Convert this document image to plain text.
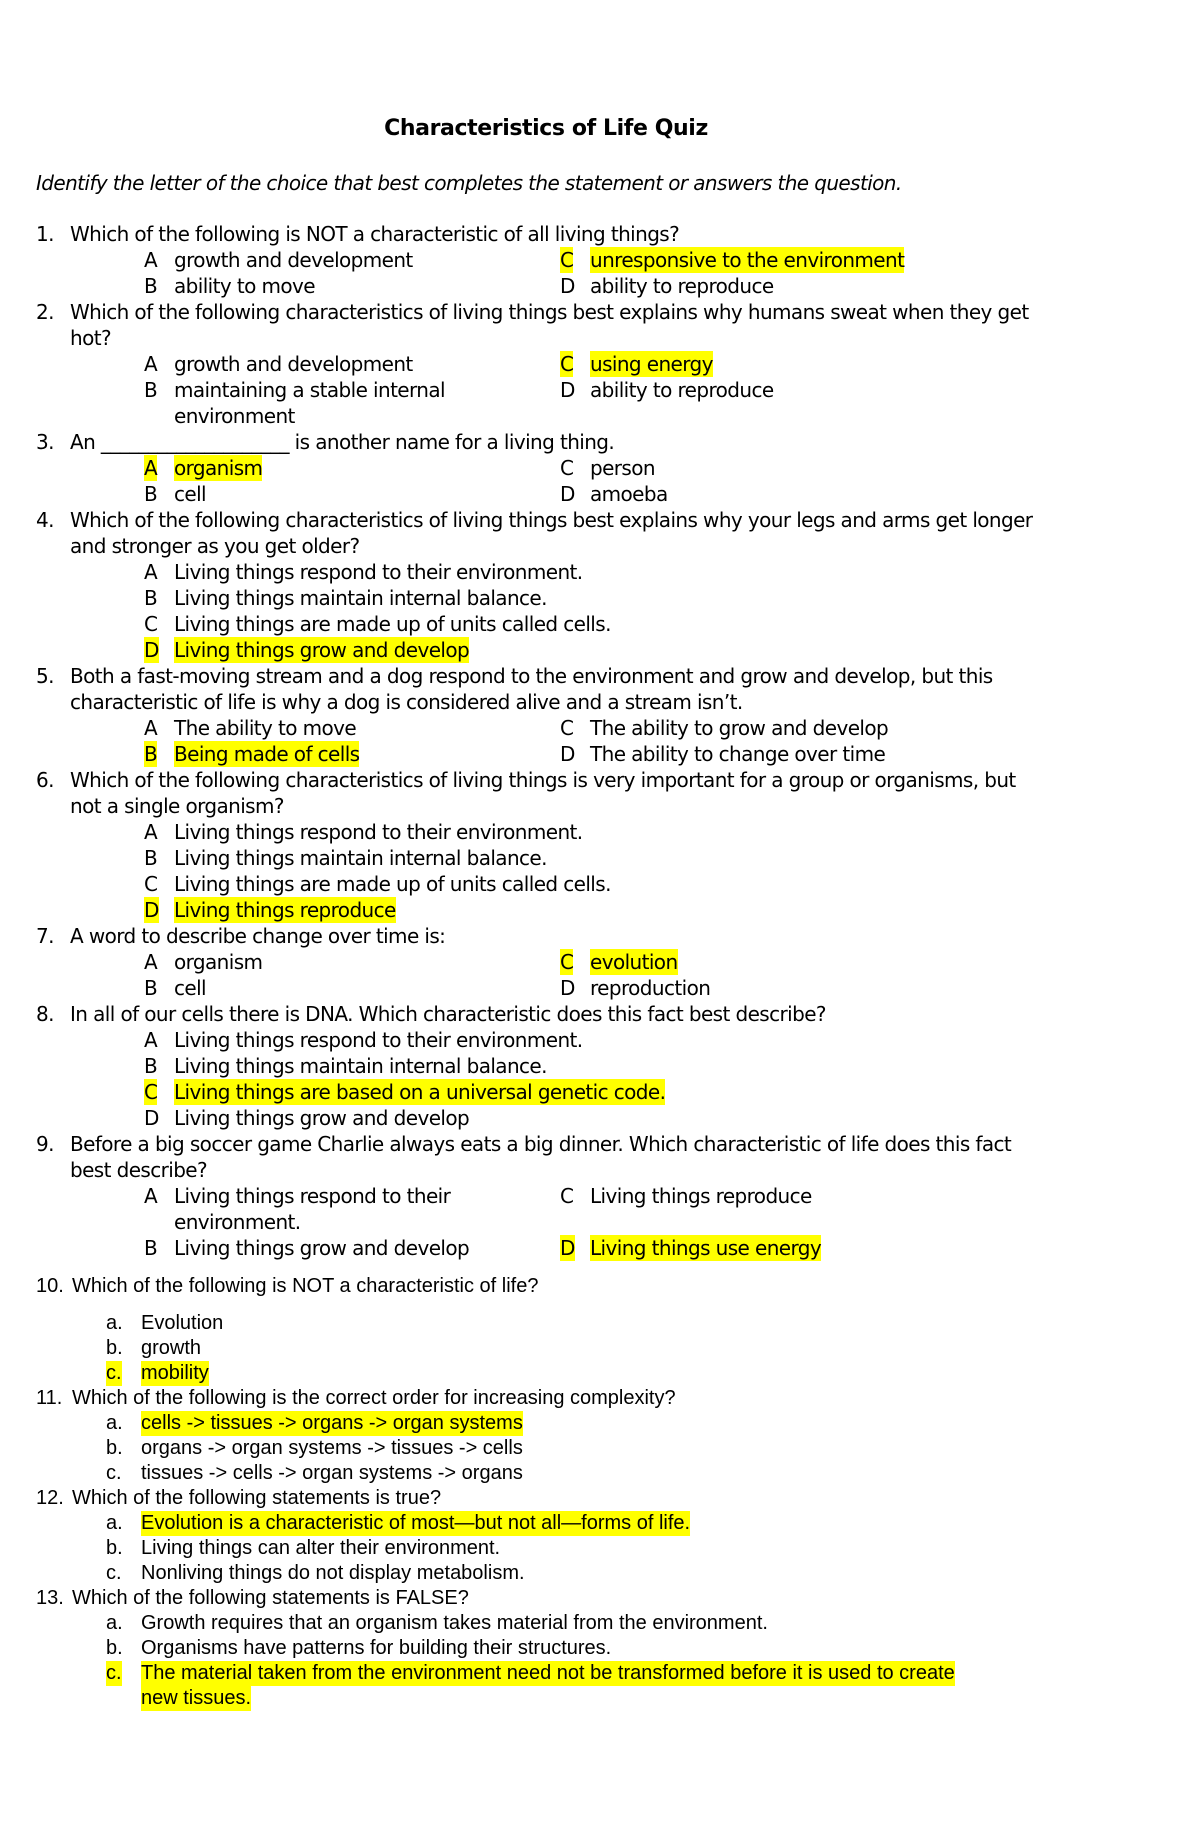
Characteristics of Life Quiz
Identify the letter of the choice that best completes the statement or answers the question.
1. Which of the following is NOT a characteristic of all living things?
A growth and development	C unresponsive to the environment
B ability to move	D ability to reproduce
2. Which of the following characteristics of living things best explains why humans sweat when they get
hot?
A growth and development	C using energy
B maintaining a stable internal	D ability to reproduce
environment
3. An ____________________ is another name for a living thing.
A organism	C person
B cell	D amoeba
4. Which of the following characteristics of living things best explains why your legs and arms get longer
and stronger as you get older?
A Living things respond to their environment.
B Living things maintain internal balance.
C Living things are made up of units called cells.
D Living things grow and develop
5. Both a fast-moving stream and a dog respond to the environment and grow and develop, but this
characteristic of life is why a dog is considered alive and a stream isn’t.
A The ability to move	C The ability to grow and develop
B Being made of cells	D The ability to change over time
6. Which of the following characteristics of living things is very important for a group or organisms, but
not a single organism?
A Living things respond to their environment.
B Living things maintain internal balance.
C Living things are made up of units called cells.
D Living things reproduce
7. A word to describe change over time is:
A organism	C evolution
B cell	D reproduction
8. In all of our cells there is DNA. Which characteristic does this fact best describe?
A Living things respond to their environment.
B Living things maintain internal balance.
C Living things are based on a universal genetic code.
D Living things grow and develop
9. Before a big soccer game Charlie always eats a big dinner. Which characteristic of life does this fact
best describe?
A Living things respond to their	C Living things reproduce
environment.
B Living things grow and develop	D Living things use energy
10. Which of the following is NOT a characteristic of life?
a. Evolution
b. growth
c. mobility
11. Which of the following is the correct order for increasing complexity?
a. cells -> tissues -> organs -> organ systems
b. organs -> organ systems -> tissues -> cells
c. tissues -> cells -> organ systems -> organs
12. Which of the following statements is true?
a. Evolution is a characteristic of most—but not all—forms of life.
b. Living things can alter their environment.
c. Nonliving things do not display metabolism.
13. Which of the following statements is FALSE?
a. Growth requires that an organism takes material from the environment.
b. Organisms have patterns for building their structures.
c. The material taken from the environment need not be transformed before it is used to create
new tissues.
